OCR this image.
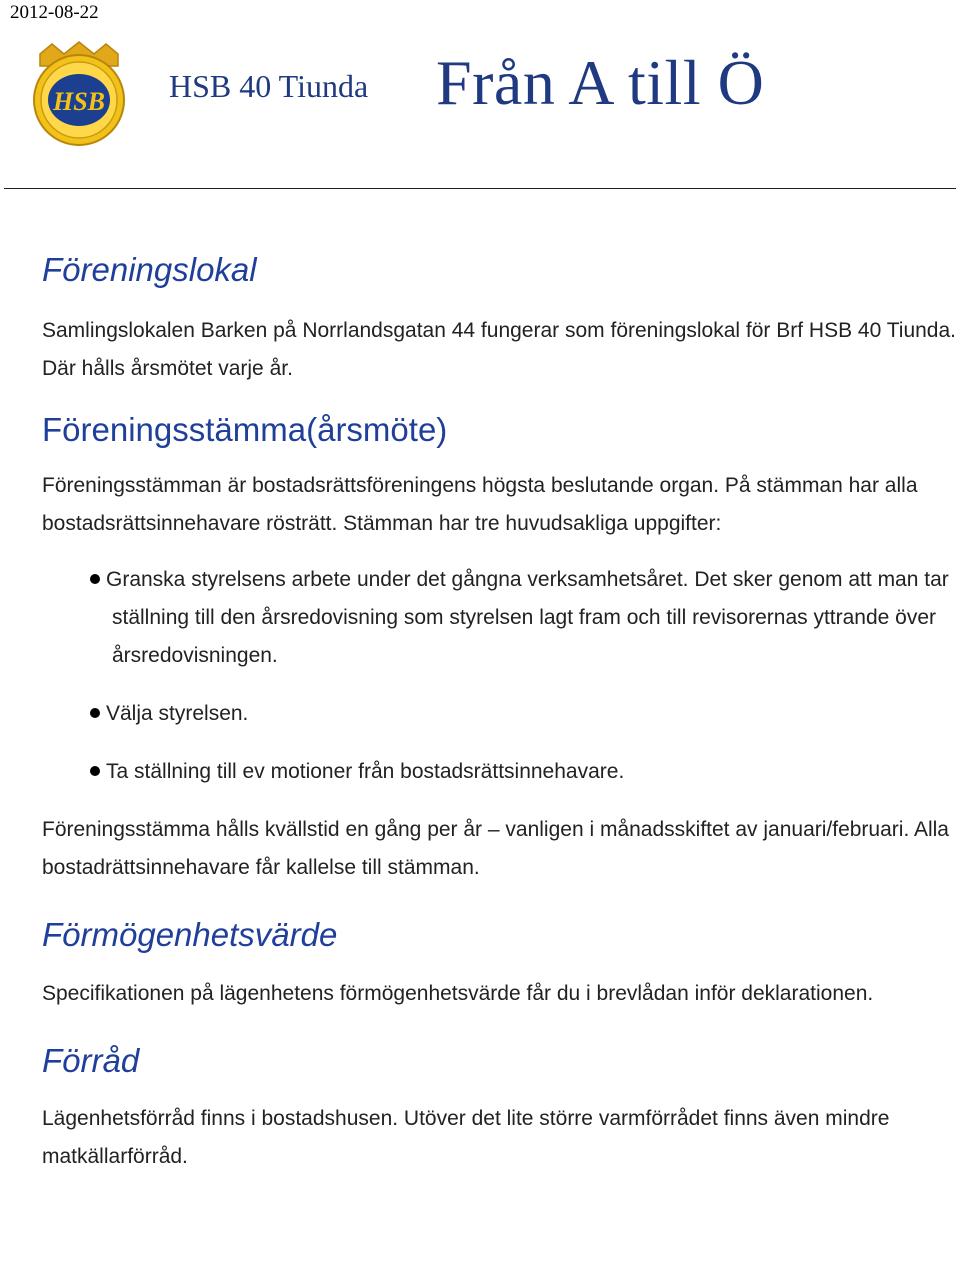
2012-08-22
HSB HSB 40 Tiunda Från A till Ö
Föreningslokal

Samlingslokalen Barken på Norrlandsgatan 44 fungerar som föreningslokal för Brf HSB 40 Tiunda. Där hålls årsmötet varje år.

Föreningsstämma(årsmöte)

Föreningsstämman är bostadsrättsföreningens högsta beslutande organ. På stämman har alla bostadsrättsinnehavare rösträtt. Stämman har tre huvudsakliga uppgifter:

Granska styrelsens arbete under det gångna verksamhetsåret. Det sker genom att man tar ställning till den årsredovisning som styrelsen lagt fram och till revisorernas yttrande över årsredovisningen.
Välja styrelsen.
Ta ställning till ev motioner från bostadsrättsinnehavare.

Föreningsstämma hålls kvällstid en gång per år – vanligen i månadsskiftet av januari/februari. Alla bostadrättsinnehavare får kallelse till stämman.

Förmögenhetsvärde

Specifikationen på lägenhetens förmögenhetsvärde får du i brevlådan inför deklarationen.

Förråd

Lägenhetsförråd finns i bostadshusen. Utöver det lite större varmförrådet finns även mindre matkällarförråd.
